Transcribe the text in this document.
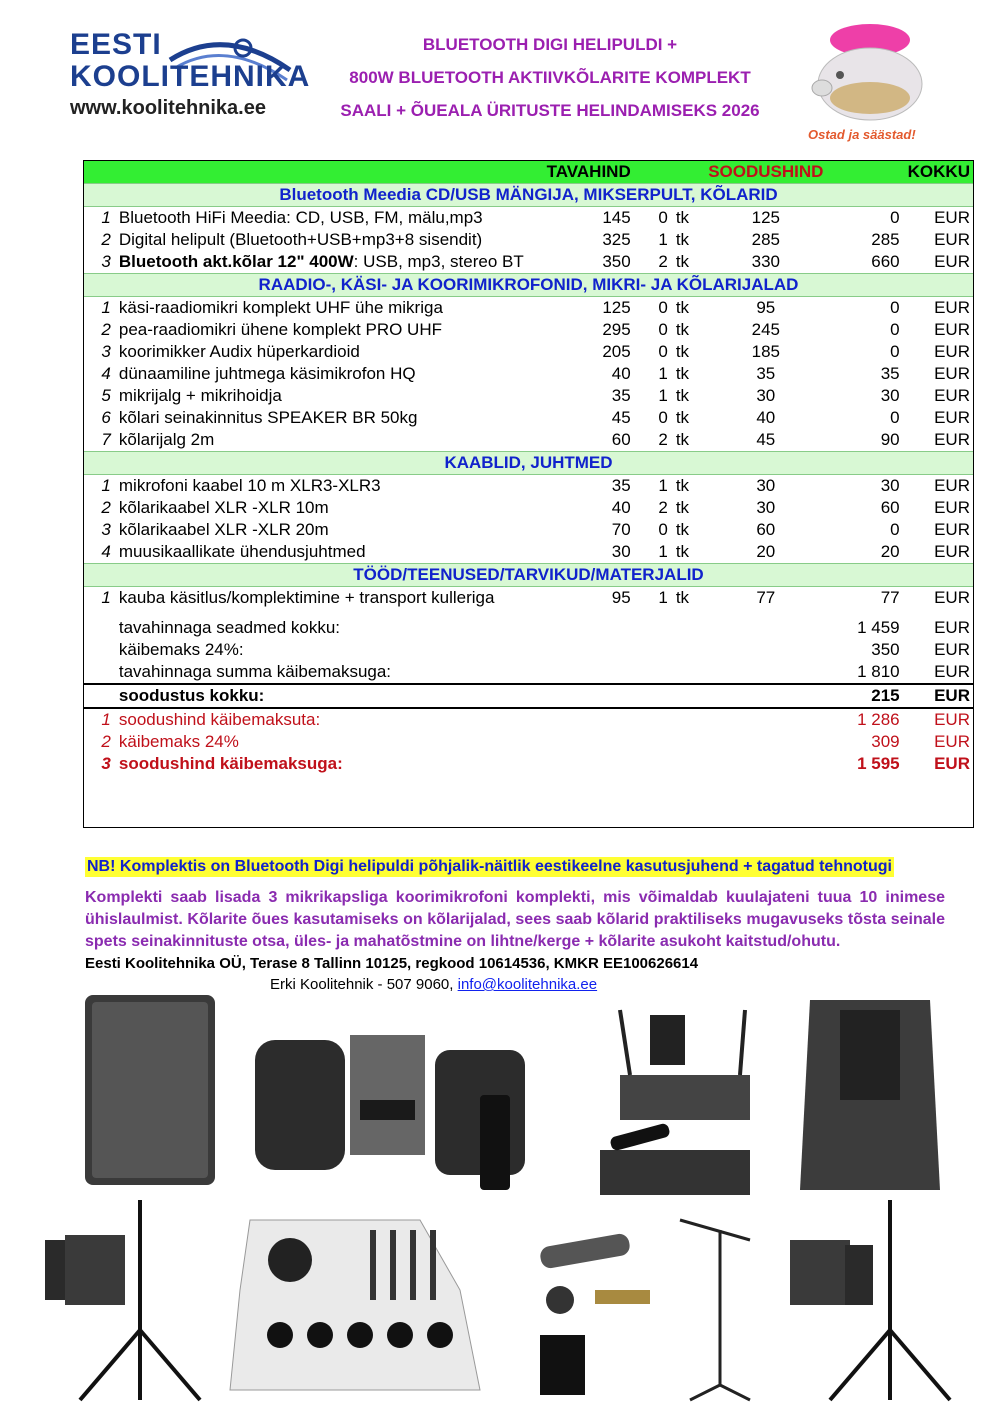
EESTI
KOOLITEHNIKA
www.koolitehnika.ee
BLUETOOTH DIGI HELIPULDI +
800W BLUETOOTH AKTIIVKÕLARITE KOMPLEKT
SAALI + ÕUEALA ÜRITUSTE HELINDAMISEKS 2026
Ostad ja säästad!
		TAVAHIND			SOODUSHIND		KOKKU
Bluetooth Meedia CD/USB MÄNGIJA, MIKSERPULT, KÕLARID							
1	Bluetooth HiFi Meedia: CD, USB, FM, mälu,mp3	145	0	tk	125	0	EUR
2	Digital helipult (Bluetooth+USB+mp3+8 sisendit)	325	1	tk	285	285	EUR
3	Bluetooth akt.kõlar 12" 400W: USB, mp3, stereo BT	350	2	tk	330	660	EUR
RAADIO-, KÄSI- JA KOORIMIKROFONID, MIKRI- JA KÕLARIJALAD							
1	käsi-raadiomikri komplekt UHF ühe mikriga	125	0	tk	95	0	EUR
2	pea-raadiomikri ühene komplekt PRO UHF	295	0	tk	245	0	EUR
3	koorimikker Audix hüperkardioid	205	0	tk	185	0	EUR
4	dünaamiline juhtmega käsimikrofon HQ	40	1	tk	35	35	EUR
5	mikrijalg + mikrihoidja	35	1	tk	30	30	EUR
6	kõlari seinakinnitus SPEAKER BR 50kg	45	0	tk	40	0	EUR
7	kõlarijalg 2m	60	2	tk	45	90	EUR
KAABLID, JUHTMED							
1	mikrofoni kaabel 10 m XLR3-XLR3	35	1	tk	30	30	EUR
2	kõlarikaabel XLR -XLR 10m	40	2	tk	30	60	EUR
3	kõlarikaabel XLR -XLR 20m	70	0	tk	60	0	EUR
4	muusikaallikate ühendusjuhtmed	30	1	tk	20	20	EUR
TÖÖD/TEENUSED/TARVIKUD/MATERJALID							
1	kauba käsitlus/komplektimine + transport kulleriga	95	1	tk	77	77	EUR

	tavahinnaga seadmed kokku:					1 459	EUR
	käibemaks 24%:					350	EUR
	tavahinnaga summa käibemaksuga:					1 810	EUR
	soodustus kokku:					215	EUR
1	soodushind käibemaksuta:					1 286	EUR
2	käibemaks 24%					309	EUR
3	soodushind käibemaksuga:					1 595	EUR
NB! Komplektis on Bluetooth Digi helipuldi põhjalik-näitlik eestikeelne kasutusjuhend + tagatud tehnotugi
Komplekti saab lisada 3 mikrikapsliga koorimikrofoni komplekti, mis võimaldab kuulajateni tuua 10 inimese ühislaulmist. Kõlarite õues kasutamiseks on kõlarijalad, sees saab kõlarid praktiliseks mugavuseks tõsta seinale spets seinakinnituste otsa, üles- ja mahatõstmine on lihtne/kerge + kõlarite asukoht kaitstud/ohutu.
Eesti Koolitehnika OÜ, Terase 8 Tallinn 10125, regkood 10614536, KMKR EE100626614
Erki Koolitehnik - 507 9060, info@koolitehnika.ee
